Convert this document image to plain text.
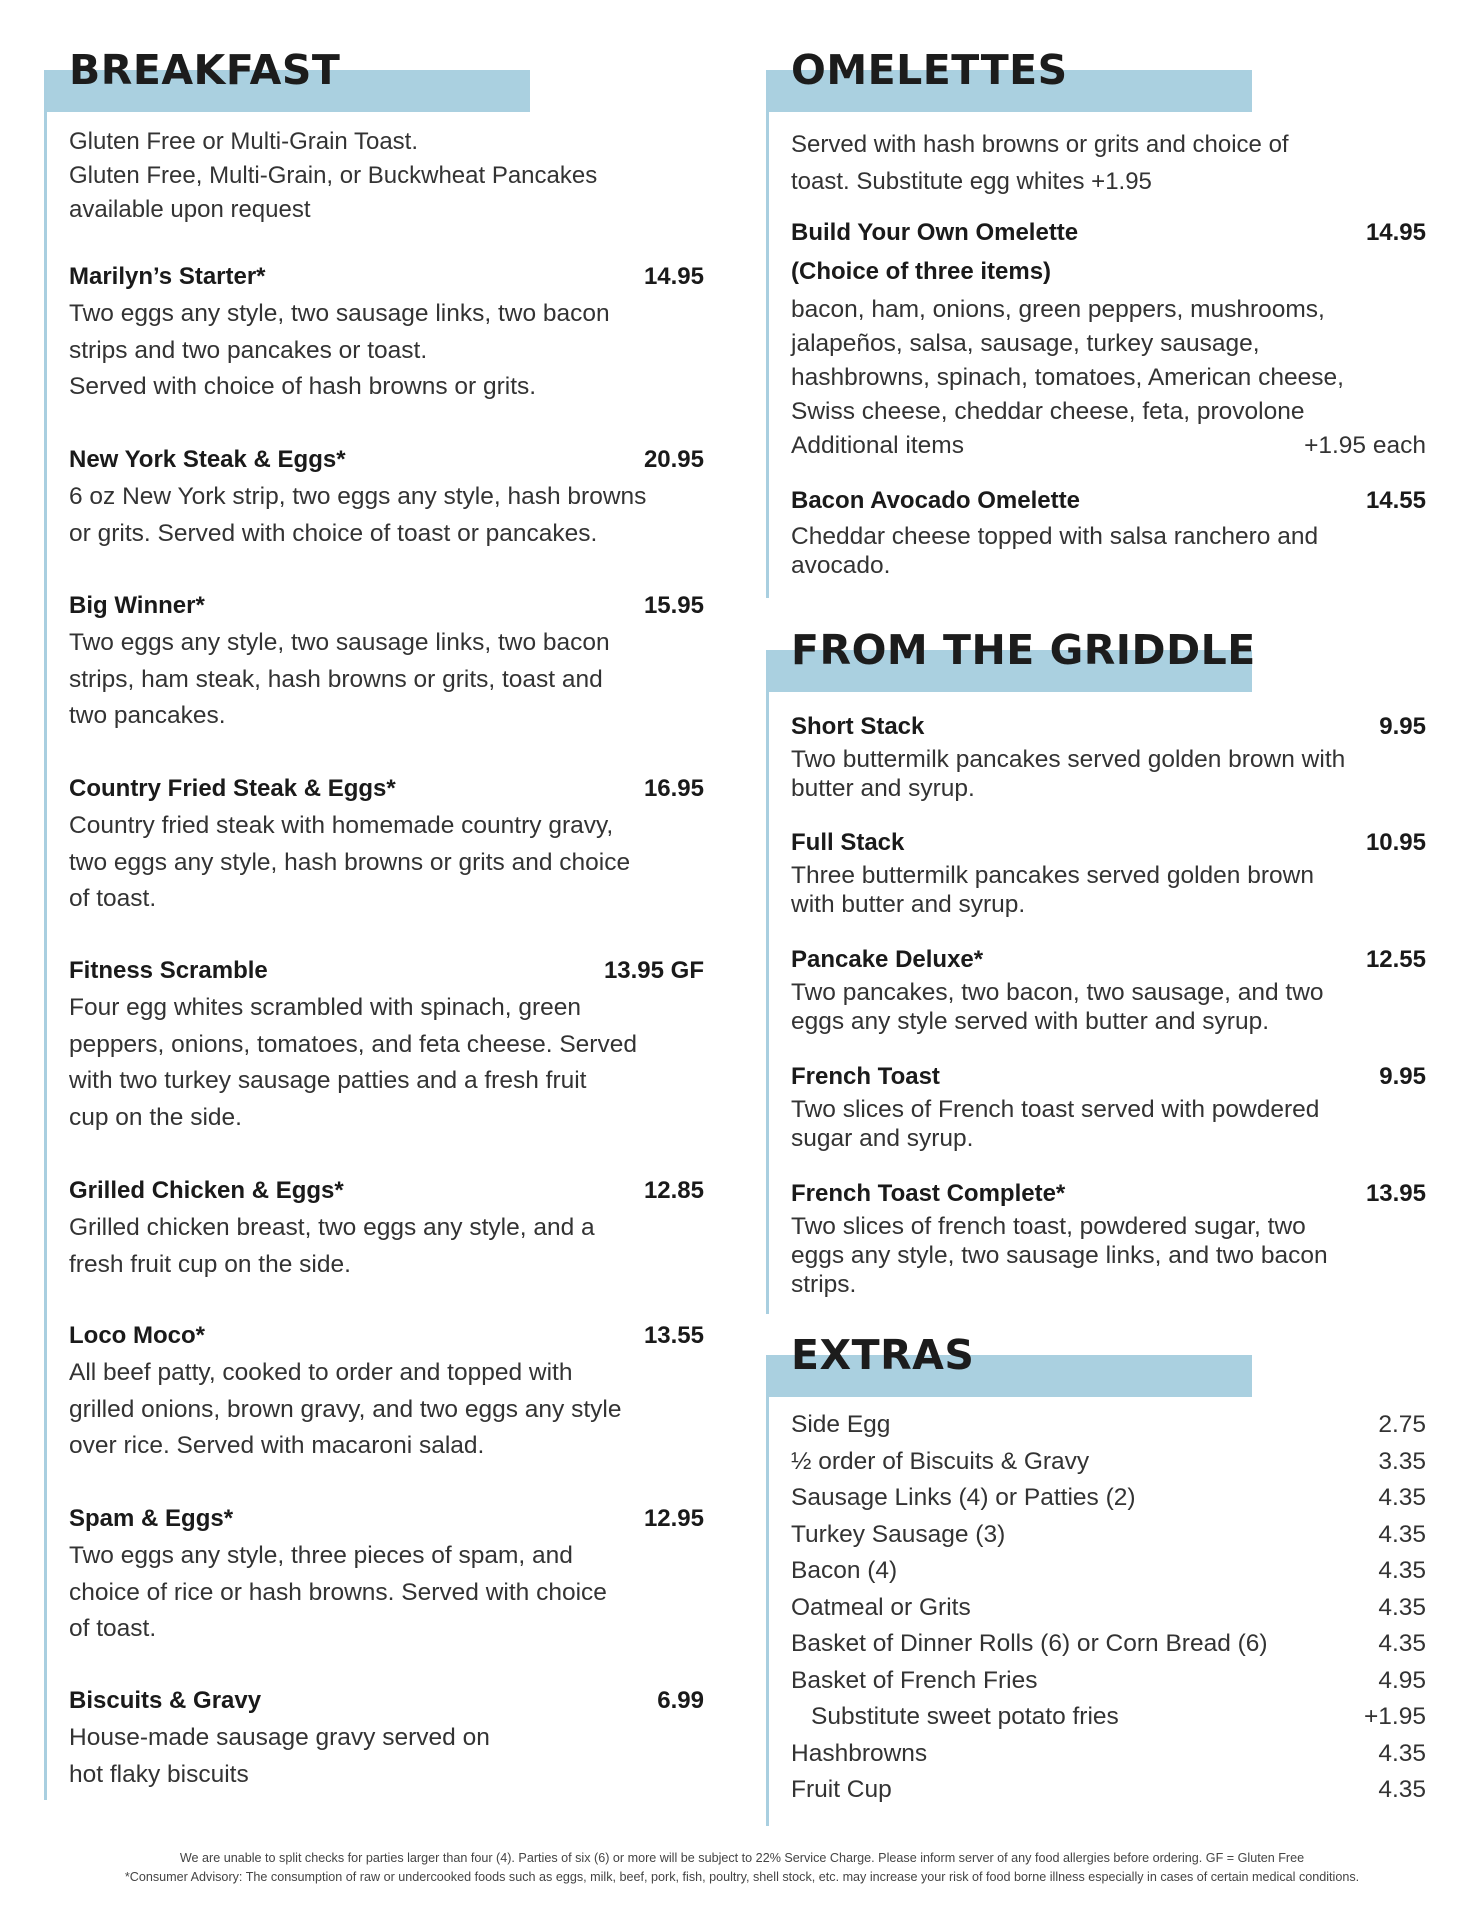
BREAKFAST

Gluten Free or Multi-Grain Toast.
Gluten Free, Multi-Grain, or Buckwheat Pancakes
available upon request

Marilyn’s Starter*	14.95
Two eggs any style, two sausage links, two bacon
strips and two pancakes or toast.
Served with choice of hash browns or grits.
New York Steak & Eggs*	20.95
6 oz New York strip, two eggs any style, hash browns
or grits. Served with choice of toast or pancakes.
Big Winner*	15.95
Two eggs any style, two sausage links, two bacon
strips, ham steak, hash browns or grits, toast and
two pancakes.
Country Fried Steak & Eggs*	16.95
Country fried steak with homemade country gravy,
two eggs any style, hash browns or grits and choice
of toast.
Fitness Scramble	13.95 GF
Four egg whites scrambled with spinach, green
peppers, onions, tomatoes, and feta cheese. Served
with two turkey sausage patties and a fresh fruit
cup on the side.
Grilled Chicken & Eggs*	12.85
Grilled chicken breast, two eggs any style, and a
fresh fruit cup on the side.
Loco Moco*	13.55
All beef patty, cooked to order and topped with
grilled onions, brown gravy, and two eggs any style
over rice. Served with macaroni salad.
Spam & Eggs*	12.95
Two eggs any style, three pieces of spam, and
choice of rice or hash browns. Served with choice
of toast.
Biscuits & Gravy	6.99
House-made sausage gravy served on
hot flaky biscuits
OMELETTES

Served with hash browns or grits and choice of
toast. Substitute egg whites +1.95

Build Your Own Omelette	14.95
(Choice of three items)
bacon, ham, onions, green peppers, mushrooms,
jalapeños, salsa, sausage, turkey sausage,
hashbrowns, spinach, tomatoes, American cheese,
Swiss cheese, cheddar cheese, feta, provolone
Additional items	+1.95 each
Bacon Avocado Omelette	14.55
Cheddar cheese topped with salsa ranchero and
avocado.
FROM THE GRIDDLE
Short Stack	9.95
Two buttermilk pancakes served golden brown with
butter and syrup.
Full Stack	10.95
Three buttermilk pancakes served golden brown
with butter and syrup.
Pancake Deluxe*	12.55
Two pancakes, two bacon, two sausage, and two
eggs any style served with butter and syrup.
French Toast	9.95
Two slices of French toast served with powdered
sugar and syrup.
French Toast Complete*	13.95
Two slices of french toast, powdered sugar, two
eggs any style, two sausage links, and two bacon
strips.
EXTRAS
Side Egg	2.75
½ order of Biscuits & Gravy	3.35
Sausage Links (4) or Patties (2)	4.35
Turkey Sausage (3)	4.35
Bacon (4)	4.35
Oatmeal or Grits	4.35
Basket of Dinner Rolls (6) or Corn Bread (6)	4.35
Basket of French Fries	4.95
Substitute sweet potato fries	+1.95
Hashbrowns	4.35
Fruit Cup	4.35
We are unable to split checks for parties larger than four (4). Parties of six (6) or more will be subject to 22% Service Charge. Please inform server of any food allergies before ordering. GF = Gluten Free
*Consumer Advisory: The consumption of raw or undercooked foods such as eggs, milk, beef, pork, fish, poultry, shell stock, etc. may increase your risk of food borne illness especially in cases of certain medical conditions.
